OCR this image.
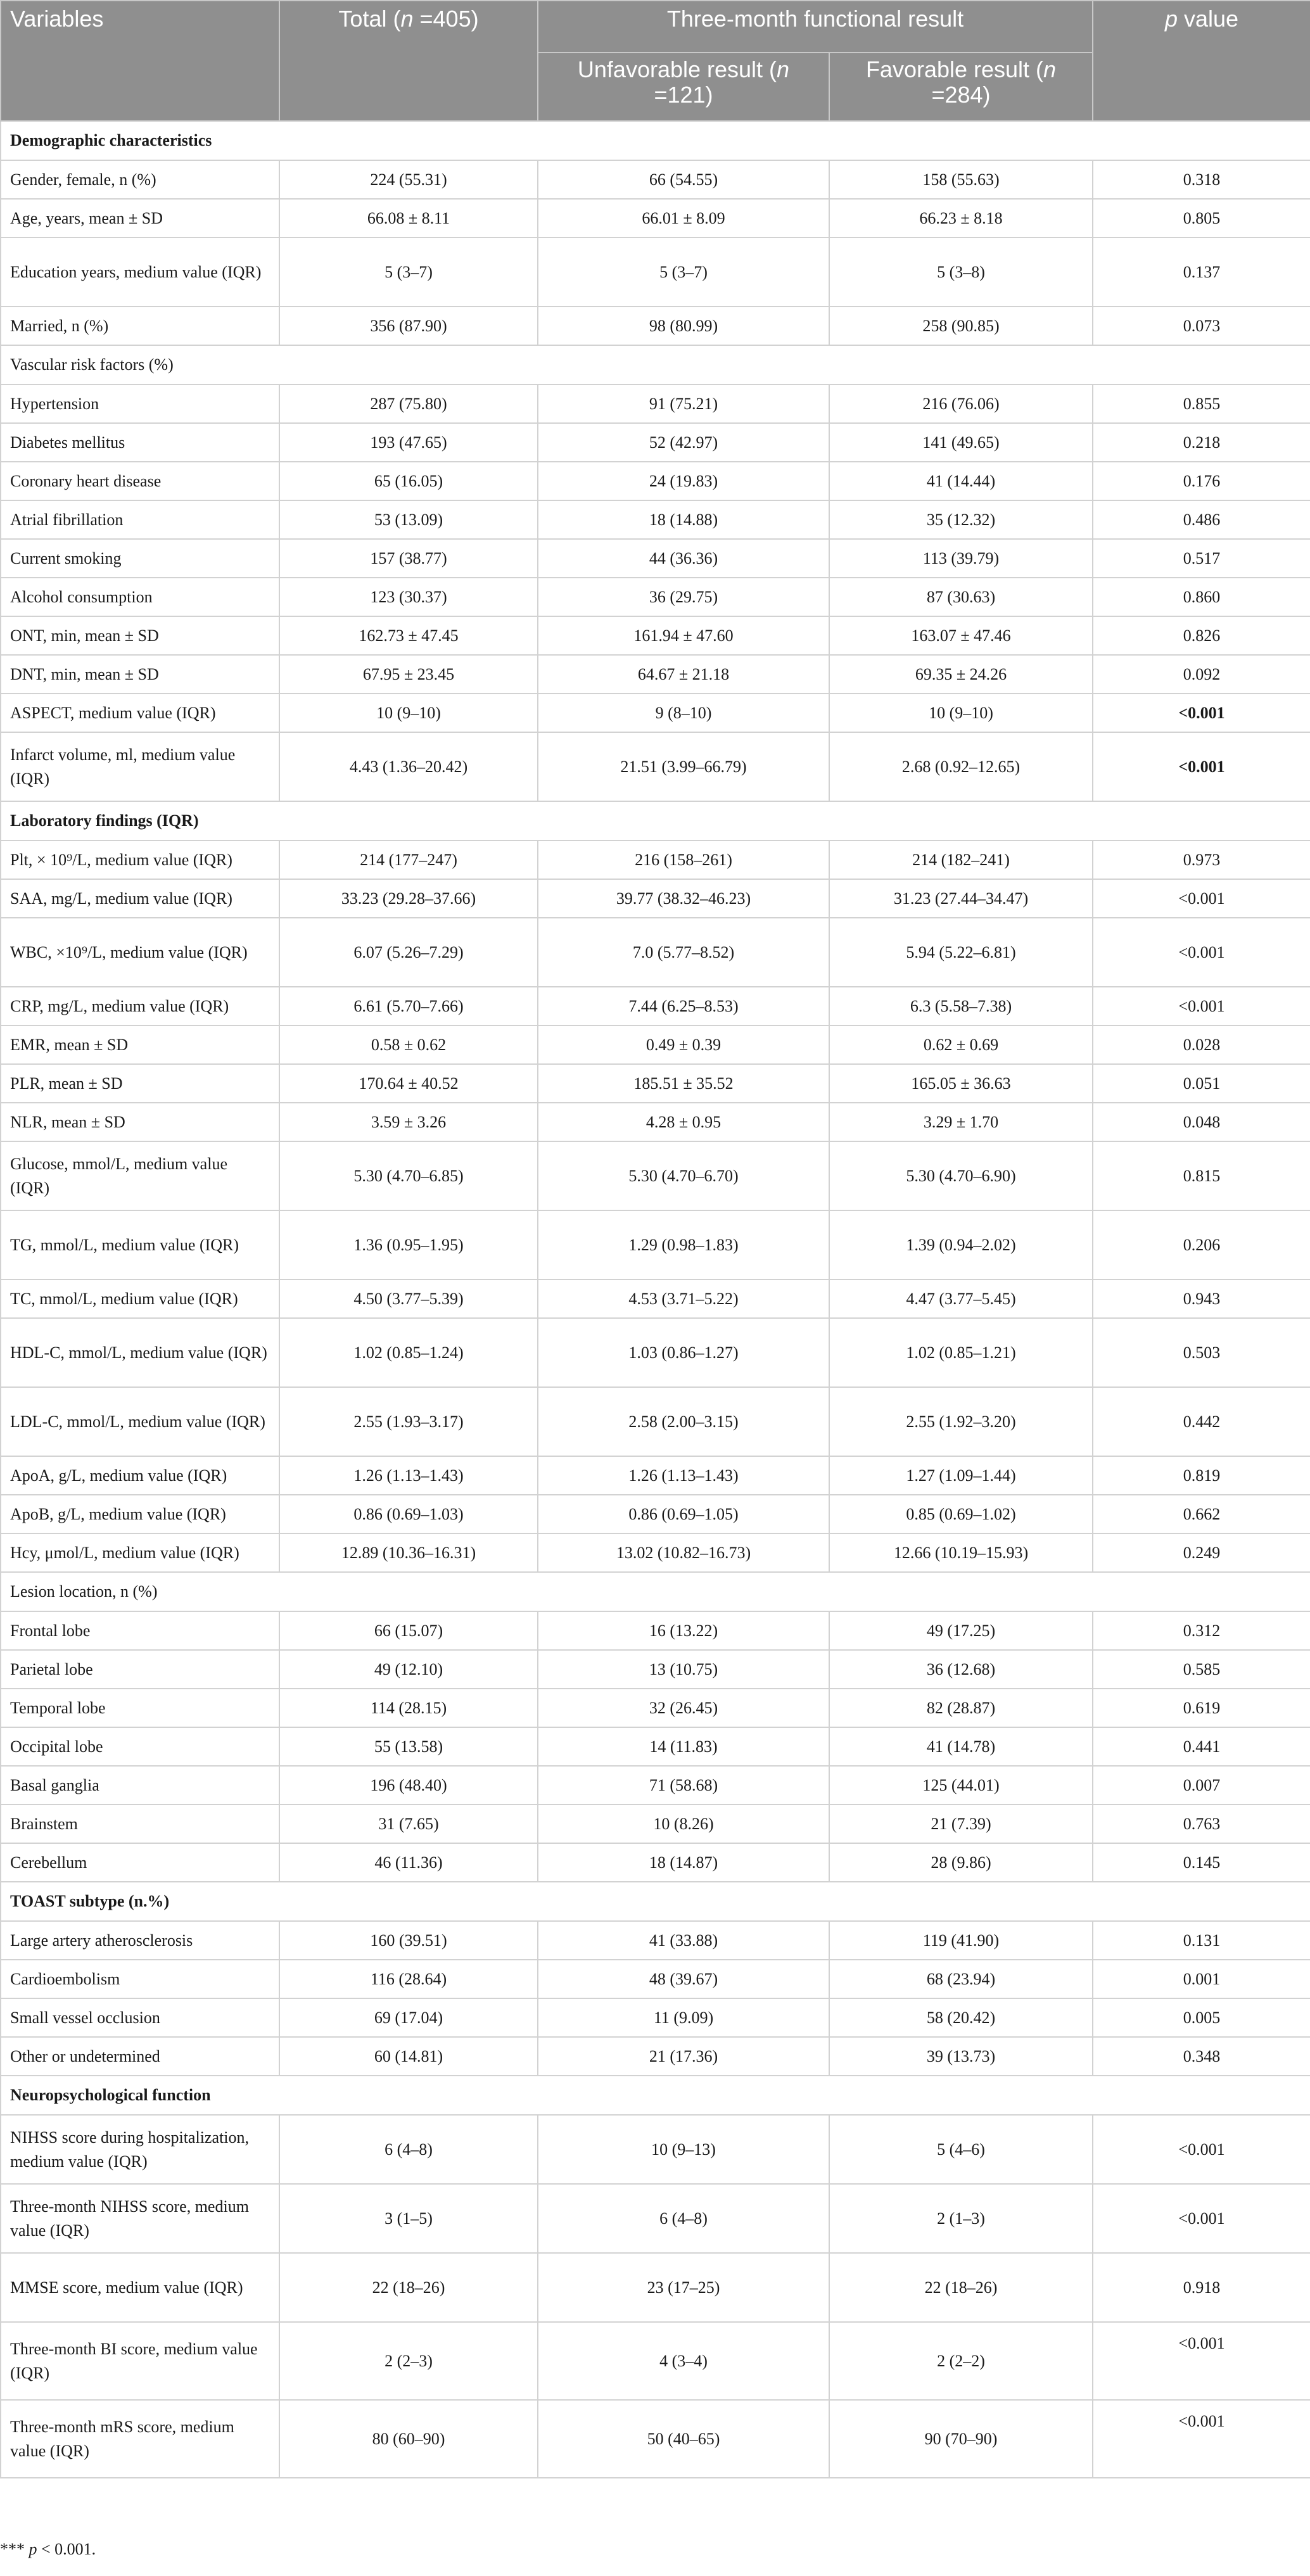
Variables	Total (n =405)	Three-month functional result		p value
		Unfavorable result (n =121)	Favorable result (n =284)	
Demographic characteristics				
Gender, female, n (%)	224 (55.31)	66 (54.55)	158 (55.63)	0.318
Age, years, mean ± SD	66.08 ± 8.11	66.01 ± 8.09	66.23 ± 8.18	0.805
Education years, medium value (IQR)	5 (3–7)	5 (3–7)	5 (3–8)	0.137
Married, n (%)	356 (87.90)	98 (80.99)	258 (90.85)	0.073
Vascular risk factors (%)				
Hypertension	287 (75.80)	91 (75.21)	216 (76.06)	0.855
Diabetes mellitus	193 (47.65)	52 (42.97)	141 (49.65)	0.218
Coronary heart disease	65 (16.05)	24 (19.83)	41 (14.44)	0.176
Atrial fibrillation	53 (13.09)	18 (14.88)	35 (12.32)	0.486
Current smoking	157 (38.77)	44 (36.36)	113 (39.79)	0.517
Alcohol consumption	123 (30.37)	36 (29.75)	87 (30.63)	0.860
ONT, min, mean ± SD	162.73 ± 47.45	161.94 ± 47.60	163.07 ± 47.46	0.826
DNT, min, mean ± SD	67.95 ± 23.45	64.67 ± 21.18	69.35 ± 24.26	0.092
ASPECT, medium value (IQR)	10 (9–10)	9 (8–10)	10 (9–10)	<0.001
Infarct volume, ml, medium value (IQR)	4.43 (1.36–20.42)	21.51 (3.99–66.79)	2.68 (0.92–12.65)	<0.001
Laboratory findings (IQR)				
Plt, × 10⁹/L, medium value (IQR)	214 (177–247)	216 (158–261)	214 (182–241)	0.973
SAA, mg/L, medium value (IQR)	33.23 (29.28–37.66)	39.77 (38.32–46.23)	31.23 (27.44–34.47)	<0.001
WBC, ×10⁹/L, medium value (IQR)	6.07 (5.26–7.29)	7.0 (5.77–8.52)	5.94 (5.22–6.81)	<0.001
CRP, mg/L, medium value (IQR)	6.61 (5.70–7.66)	7.44 (6.25–8.53)	6.3 (5.58–7.38)	<0.001
EMR, mean ± SD	0.58 ± 0.62	0.49 ± 0.39	0.62 ± 0.69	0.028
PLR, mean ± SD	170.64 ± 40.52	185.51 ± 35.52	165.05 ± 36.63	0.051
NLR, mean ± SD	3.59 ± 3.26	4.28 ± 0.95	3.29 ± 1.70	0.048
Glucose, mmol/L, medium value (IQR)	5.30 (4.70–6.85)	5.30 (4.70–6.70)	5.30 (4.70–6.90)	0.815
TG, mmol/L, medium value (IQR)	1.36 (0.95–1.95)	1.29 (0.98–1.83)	1.39 (0.94–2.02)	0.206
TC, mmol/L, medium value (IQR)	4.50 (3.77–5.39)	4.53 (3.71–5.22)	4.47 (3.77–5.45)	0.943
HDL-C, mmol/L, medium value (IQR)	1.02 (0.85–1.24)	1.03 (0.86–1.27)	1.02 (0.85–1.21)	0.503
LDL-C, mmol/L, medium value (IQR)	2.55 (1.93–3.17)	2.58 (2.00–3.15)	2.55 (1.92–3.20)	0.442
ApoA, g/L, medium value (IQR)	1.26 (1.13–1.43)	1.26 (1.13–1.43)	1.27 (1.09–1.44)	0.819
ApoB, g/L, medium value (IQR)	0.86 (0.69–1.03)	0.86 (0.69–1.05)	0.85 (0.69–1.02)	0.662
Hcy, μmol/L, medium value (IQR)	12.89 (10.36–16.31)	13.02 (10.82–16.73)	12.66 (10.19–15.93)	0.249
Lesion location, n (%)				
Frontal lobe	66 (15.07)	16 (13.22)	49 (17.25)	0.312
Parietal lobe	49 (12.10)	13 (10.75)	36 (12.68)	0.585
Temporal lobe	114 (28.15)	32 (26.45)	82 (28.87)	0.619
Occipital lobe	55 (13.58)	14 (11.83)	41 (14.78)	0.441
Basal ganglia	196 (48.40)	71 (58.68)	125 (44.01)	0.007
Brainstem	31 (7.65)	10 (8.26)	21 (7.39)	0.763
Cerebellum	46 (11.36)	18 (14.87)	28 (9.86)	0.145
TOAST subtype (n.%)				
Large artery atherosclerosis	160 (39.51)	41 (33.88)	119 (41.90)	0.131
Cardioembolism	116 (28.64)	48 (39.67)	68 (23.94)	0.001
Small vessel occlusion	69 (17.04)	11 (9.09)	58 (20.42)	0.005
Other or undetermined	60 (14.81)	21 (17.36)	39 (13.73)	0.348
Neuropsychological function				
NIHSS score during hospitalization, medium value (IQR)	6 (4–8)	10 (9–13)	5 (4–6)	<0.001
Three-month NIHSS score, medium value (IQR)	3 (1–5)	6 (4–8)	2 (1–3)	<0.001
MMSE score, medium value (IQR)	22 (18–26)	23 (17–25)	22 (18–26)	0.918
Three-month BI score, medium value (IQR)	2 (2–3)	4 (3–4)	2 (2–2)	<0.001
Three-month mRS score, medium value (IQR)	80 (60–90)	50 (40–65)	90 (70–90)	<0.001
*** p < 0.001.
